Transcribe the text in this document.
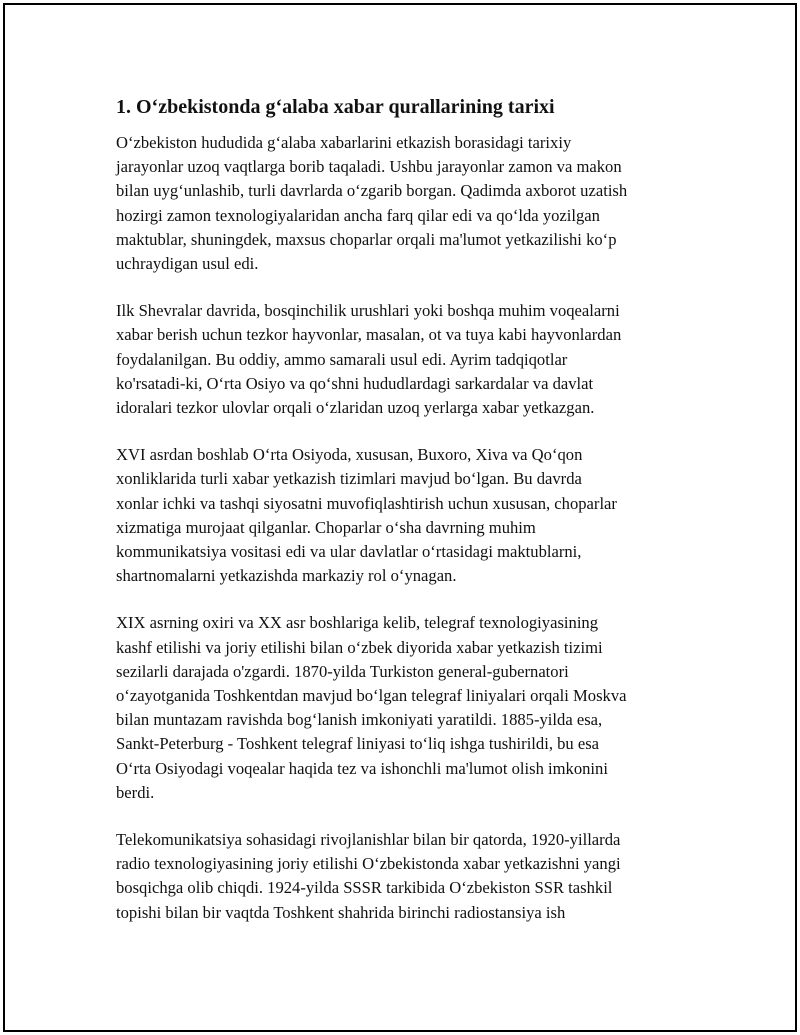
1. O‘zbekistonda g‘alaba xabar qurallarining tarixi

O‘zbekiston hududida g‘alaba xabarlarini etkazish borasidagi tarixiy
jarayonlar uzoq vaqtlarga borib taqaladi. Ushbu jarayonlar zamon va makon
bilan uyg‘unlashib, turli davrlarda o‘zgarib borgan. Qadimda axborot uzatish
hozirgi zamon texnologiyalaridan ancha farq qilar edi va qo‘lda yozilgan
maktublar, shuningdek, maxsus choparlar orqali ma'lumot yetkazilishi ko‘p
uchraydigan usul edi.

Ilk Shevralar davrida, bosqinchilik urushlari yoki boshqa muhim voqealarni
xabar berish uchun tezkor hayvonlar, masalan, ot va tuya kabi hayvonlardan
foydalanilgan. Bu oddiy, ammo samarali usul edi. Ayrim tadqiqotlar
ko'rsatadi-ki, O‘rta Osiyo va qo‘shni hududlardagi sarkardalar va davlat
idoralari tezkor ulovlar orqali o‘zlaridan uzoq yerlarga xabar yetkazgan.

XVI asrdan boshlab O‘rta Osiyoda, xususan, Buxoro, Xiva va Qo‘qon
xonliklarida turli xabar yetkazish tizimlari mavjud bo‘lgan. Bu davrda
xonlar ichki va tashqi siyosatni muvofiqlashtirish uchun xususan, choparlar
xizmatiga murojaat qilganlar. Choparlar o‘sha davrning muhim
kommunikatsiya vositasi edi va ular davlatlar o‘rtasidagi maktublarni,
shartnomalarni yetkazishda markaziy rol o‘ynagan.

XIX asrning oxiri va XX asr boshlariga kelib, telegraf texnologiyasining
kashf etilishi va joriy etilishi bilan o‘zbek diyorida xabar yetkazish tizimi
sezilarli darajada o'zgardi. 1870-yilda Turkiston general-gubernatori
o‘zayotganida Toshkentdan mavjud bo‘lgan telegraf liniyalari orqali Moskva
bilan muntazam ravishda bog‘lanish imkoniyati yaratildi. 1885-yilda esa,
Sankt-Peterburg - Toshkent telegraf liniyasi to‘liq ishga tushirildi, bu esa
O‘rta Osiyodagi voqealar haqida tez va ishonchli ma'lumot olish imkonini
berdi.

Telekomunikatsiya sohasidagi rivojlanishlar bilan bir qatorda, 1920-yillarda
radio texnologiyasining joriy etilishi O‘zbekistonda xabar yetkazishni yangi
bosqichga olib chiqdi. 1924-yilda SSSR tarkibida O‘zbekiston SSR tashkil
topishi bilan bir vaqtda Toshkent shahrida birinchi radiostansiya ish
